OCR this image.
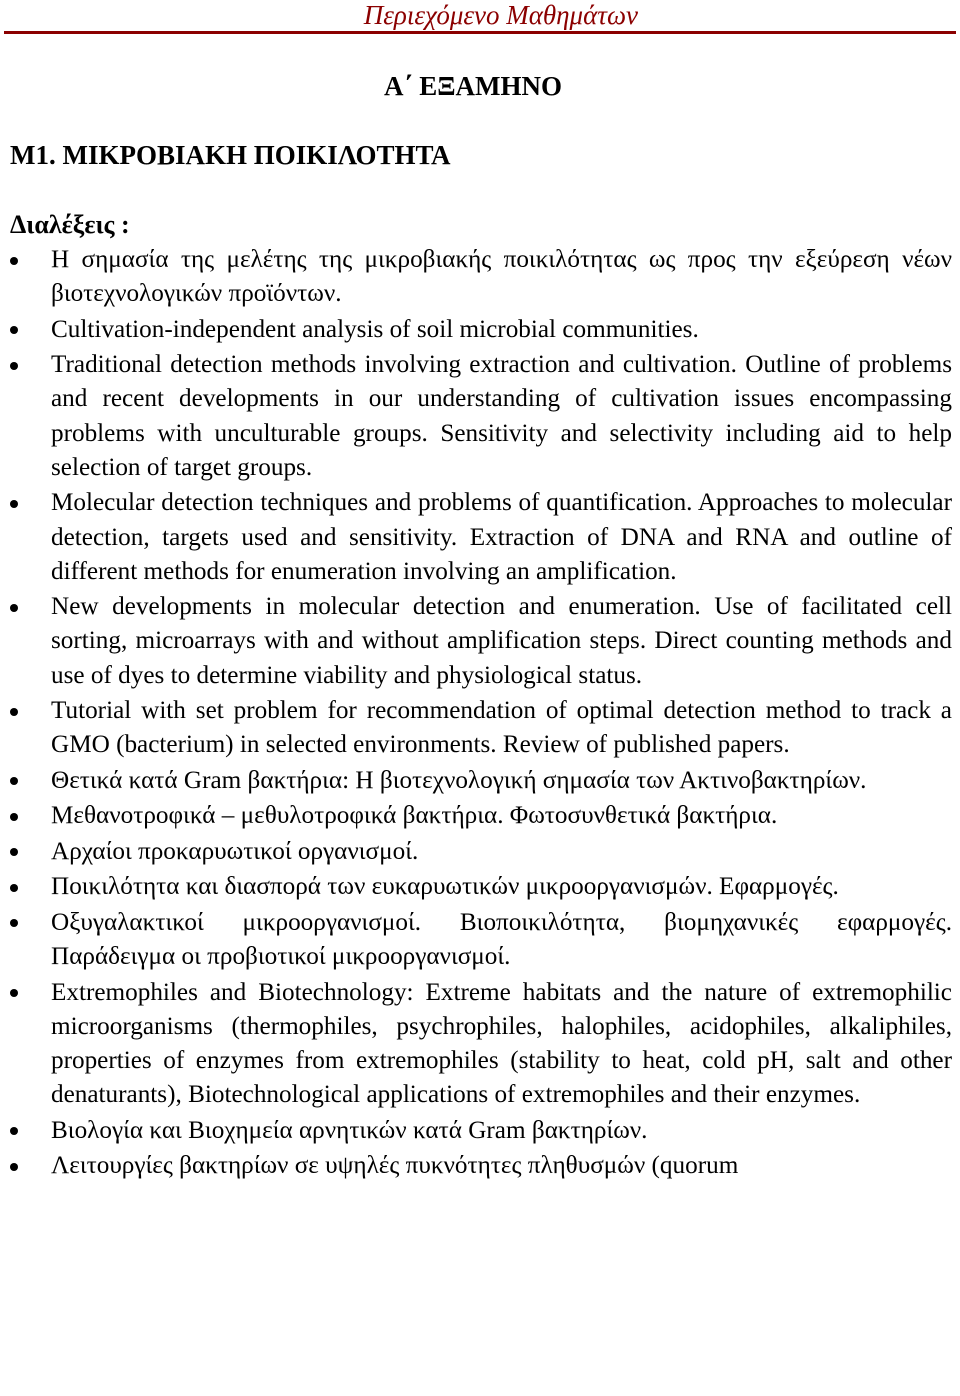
Περιεχόμενο Μαθημάτων
Α΄ ΕΞΑΜΗΝΟ
Μ1. ΜΙΚΡΟΒΙΑΚΗ ΠΟΙΚΙΛΟΤΗΤΑ
Διαλέξεις :
Η σημασία της μελέτης της μικροβιακής ποικιλότητας ως προς την εξεύρεση νέων βιοτεχνολογικών προϊόντων.
Cultivation-independent analysis of soil microbial communities.
Traditional detection methods involving extraction and cultivation. Outline of problems and recent developments in our understanding of cultivation issues encompassing problems with unculturable groups. Sensitivity and selectivity including aid to help selection of target groups.
Molecular detection techniques and problems of quantification. Approaches to molecular detection, targets used and sensitivity. Extraction of DNA and RNA and outline of different methods for enumeration involving an amplification.
New developments in molecular detection and enumeration. Use of facilitated cell sorting, microarrays with and without amplification steps. Direct counting methods and use of dyes to determine viability and physiological status.
Tutorial with set problem for recommendation of optimal detection method to track a GMO (bacterium) in selected environments. Review of published papers.
Θετικά κατά Gram βακτήρια: Η βιοτεχνολογική σημασία των Ακτινοβακτηρίων.
Μεθανοτροφικά – μεθυλοτροφικά βακτήρια. Φωτοσυνθετικά βακτήρια.
Αρχαίοι προκαρυωτικοί οργανισμοί.
Ποικιλότητα και διασπορά των ευκαρυωτικών μικροοργανισμών. Εφαρμογές.
Οξυγαλακτικοί μικροοργανισμοί. Βιοποικιλότητα, βιομηχανικές εφαρμογές. Παράδειγμα οι προβιοτικοί μικροοργανισμοί.
Extremophiles and Biotechnology: Extreme habitats and the nature of extremophilic microorganisms (thermophiles, psychrophiles, halophiles, acidophiles, alkaliphiles, properties of enzymes from extremophiles (stability to heat, cold pH, salt and other denaturants), Biotechnological applications of extremophiles and their enzymes.
Βιολογία και Βιοχημεία αρνητικών κατά Gram βακτηρίων.
Λειτουργίες βακτηρίων σε υψηλές πυκνότητες πληθυσμών (quorum
